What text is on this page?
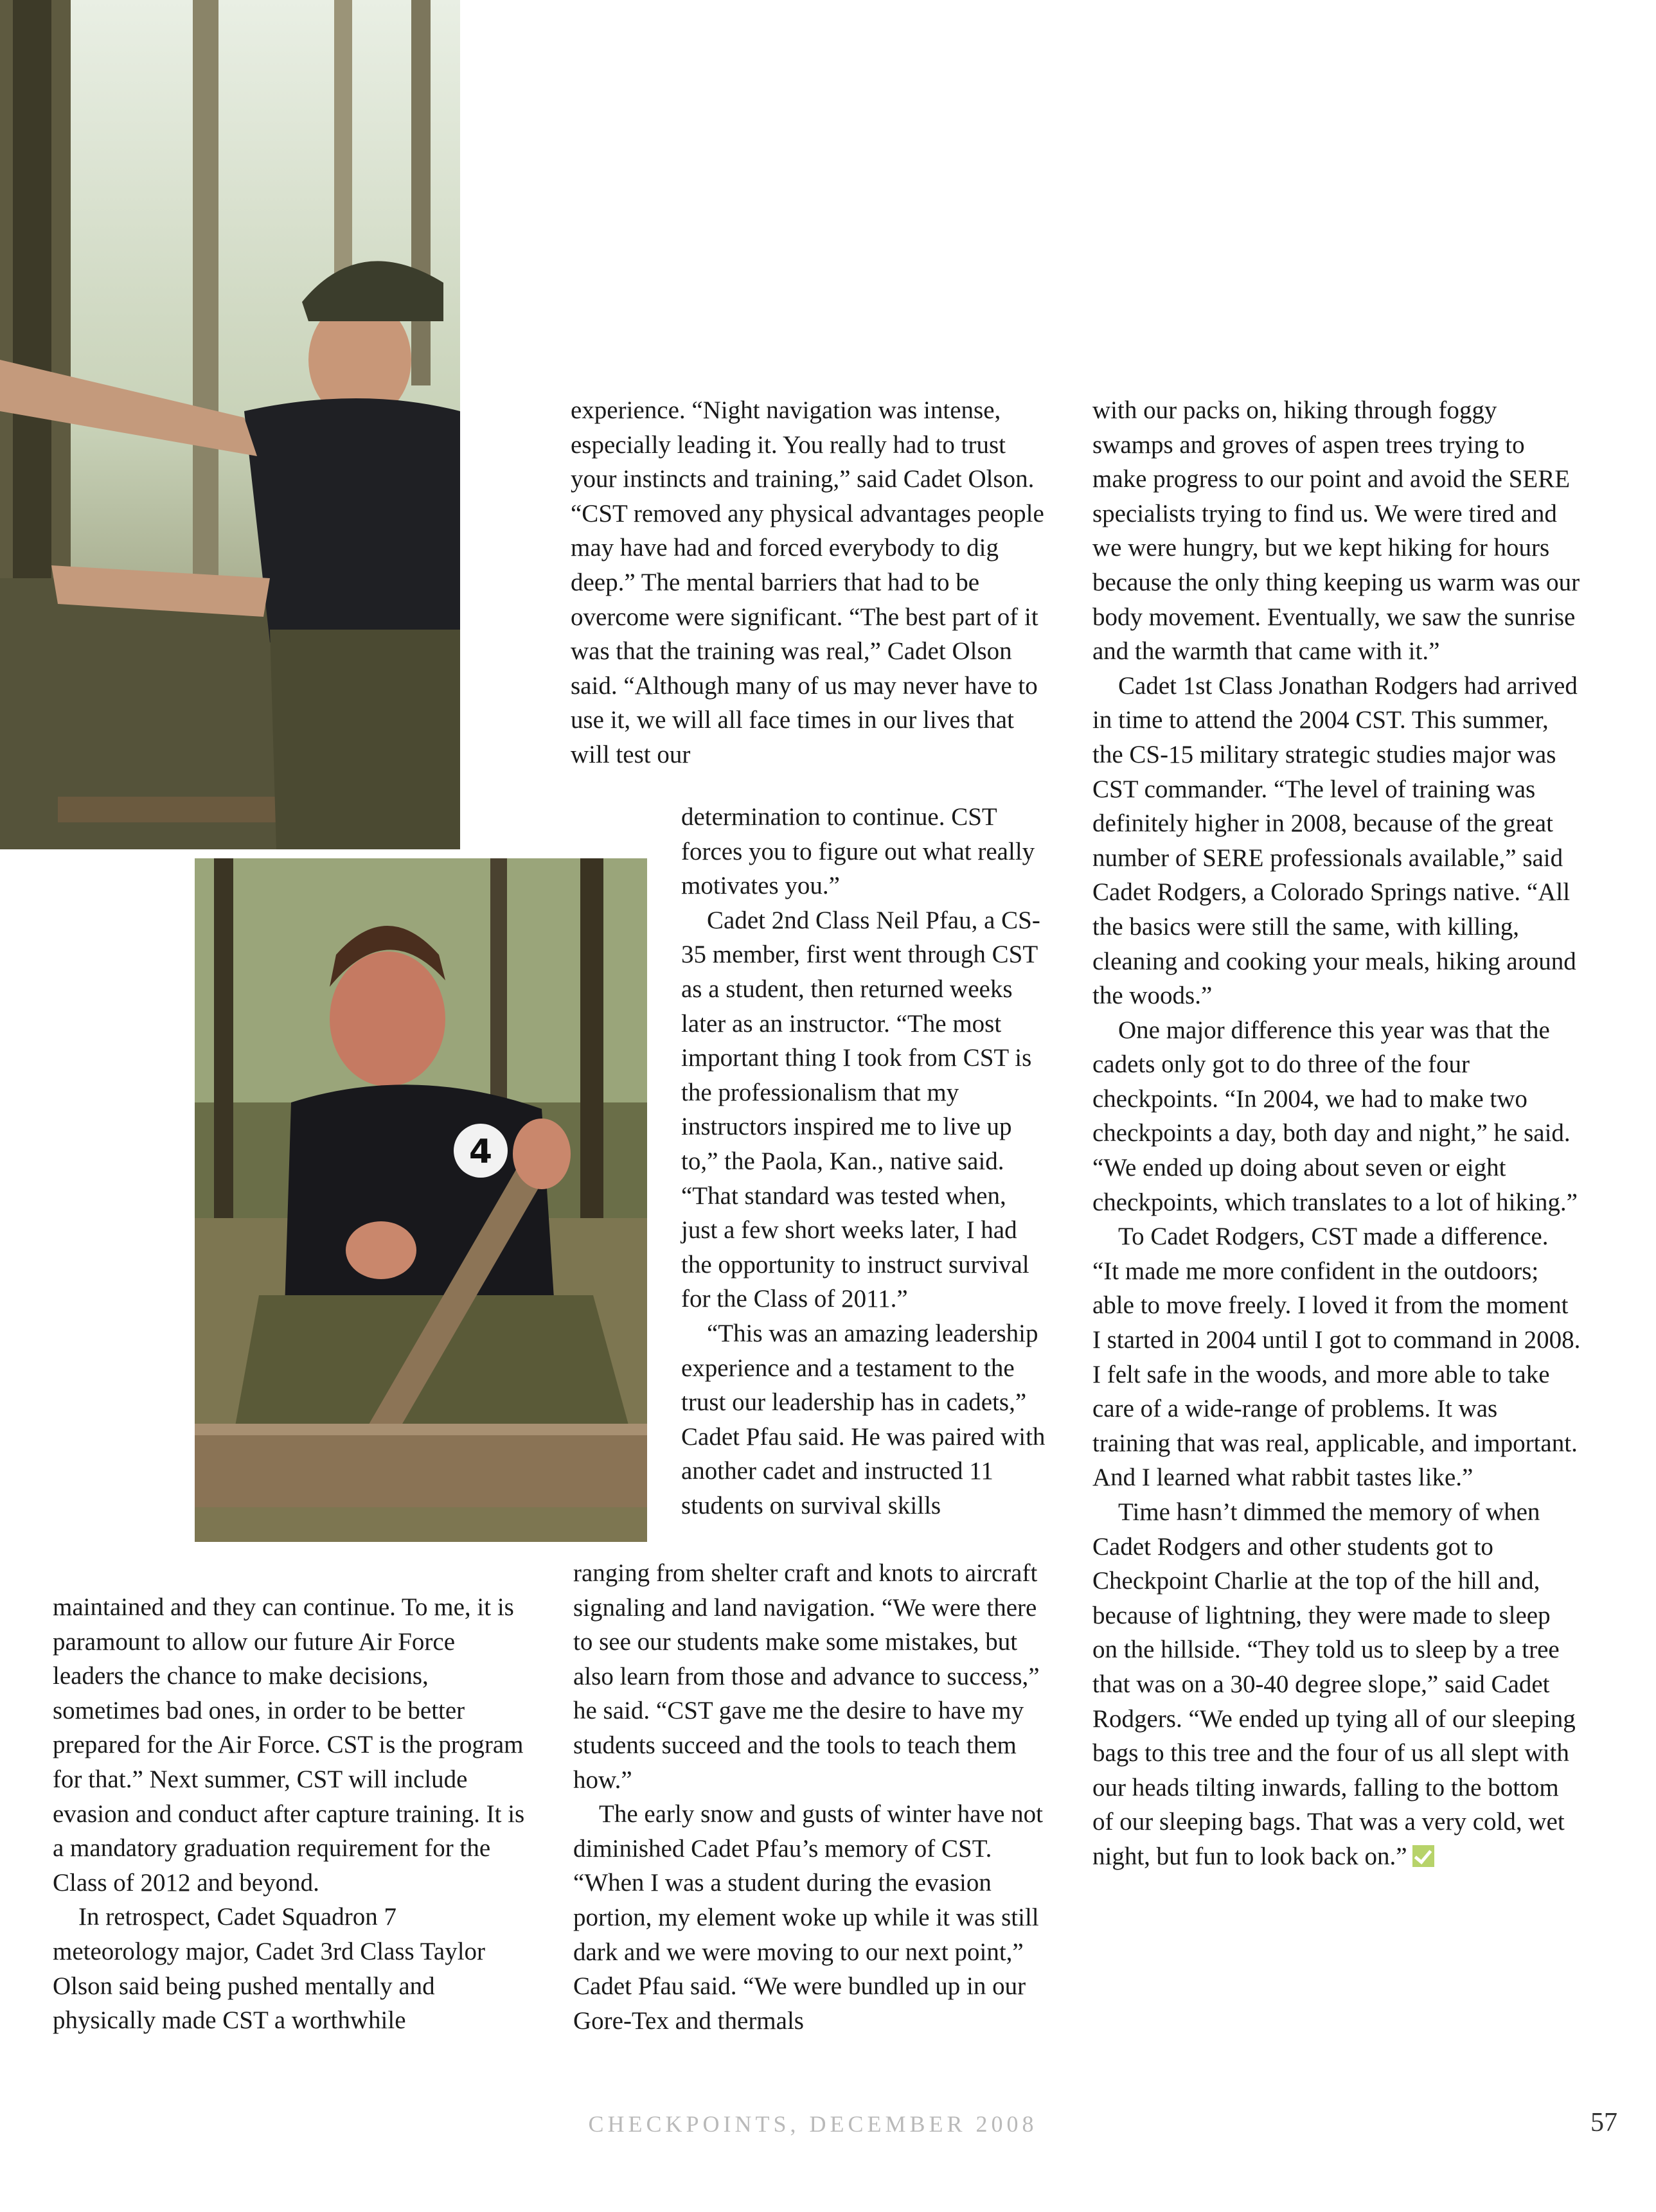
4

experience. “Night navigation was intense, especially leading it. You really had to trust your instincts and training,” said Cadet Olson. “CST removed any physical advantages people may have had and forced everybody to dig deep.” The mental barriers that had to be overcome were significant. “The best part of it was that the training was real,” Cadet Olson said. “Although many of us may never have to use it, we will all face times in our lives that will test our

determination to continue. CST forces you to figure out what really motivates you.”

Cadet 2nd Class Neil Pfau, a CS-35 member, first went through CST as a student, then returned weeks later as an instructor. “The most important thing I took from CST is the professionalism that my instructors inspired me to live up to,” the Paola, Kan., native said. “That standard was tested when, just a few short weeks later, I had the opportunity to instruct survival for the Class of 2011.”

“This was an amazing leadership experience and a testament to the trust our leadership has in cadets,” Cadet Pfau said. He was paired with another cadet and instructed 11 students on survival skills

ranging from shelter craft and knots to aircraft signaling and land navigation. “We were there to see our students make some mistakes, but also learn from those and advance to success,” he said. “CST gave me the desire to have my students succeed and the tools to teach them how.”

The early snow and gusts of winter have not diminished Cadet Pfau’s memory of CST. “When I was a student during the evasion portion, my element woke up while it was still dark and we were moving to our next point,” Cadet Pfau said. “We were bundled up in our Gore-Tex and thermals

maintained and they can continue. To me, it is paramount to allow our future Air Force leaders the chance to make decisions, sometimes bad ones, in order to be better prepared for the Air Force. CST is the program for that.” Next summer, CST will include evasion and conduct after capture training. It is a mandatory graduation requirement for the Class of 2012 and beyond.

In retrospect, Cadet Squadron 7 meteorology major, Cadet 3rd Class Taylor Olson said being pushed mentally and physically made CST a worthwhile

with our packs on, hiking through foggy swamps and groves of aspen trees trying to make progress to our point and avoid the SERE specialists trying to find us. We were tired and we were hungry, but we kept hiking for hours because the only thing keeping us warm was our body movement. Eventually, we saw the sunrise and the warmth that came with it.”

Cadet 1st Class Jonathan Rodgers had arrived in time to attend the 2004 CST. This summer, the CS-15 military strategic studies major was CST commander. “The level of training was definitely higher in 2008, because of the great number of SERE professionals available,” said Cadet Rodgers, a Colorado Springs native. “All the basics were still the same, with killing, cleaning and cooking your meals, hiking around the woods.”

One major difference this year was that the cadets only got to do three of the four checkpoints. “In 2004, we had to make two checkpoints a day, both day and night,” he said. “We ended up doing about seven or eight checkpoints, which translates to a lot of hiking.”

To Cadet Rodgers, CST made a difference. “It made me more confident in the outdoors; able to move freely. I loved it from the moment I started in 2004 until I got to command in 2008. I felt safe in the woods, and more able to take care of a wide-range of problems. It was training that was real, applicable, and important. And I learned what rabbit tastes like.”

Time hasn’t dimmed the memory of when Cadet Rodgers and other students got to Checkpoint Charlie at the top of the hill and, because of lightning, they were made to sleep on the hillside. “They told us to sleep by a tree that was on a 30-40 degree slope,” said Cadet Rodgers. “We ended up tying all of our sleeping bags to this tree and the four of us all slept with our heads tilting inwards, falling to the bottom of our sleeping bags. That was a very cold, wet night, but fun to look back on.”

CHECKPOINTS, DECEMBER 2008	57
